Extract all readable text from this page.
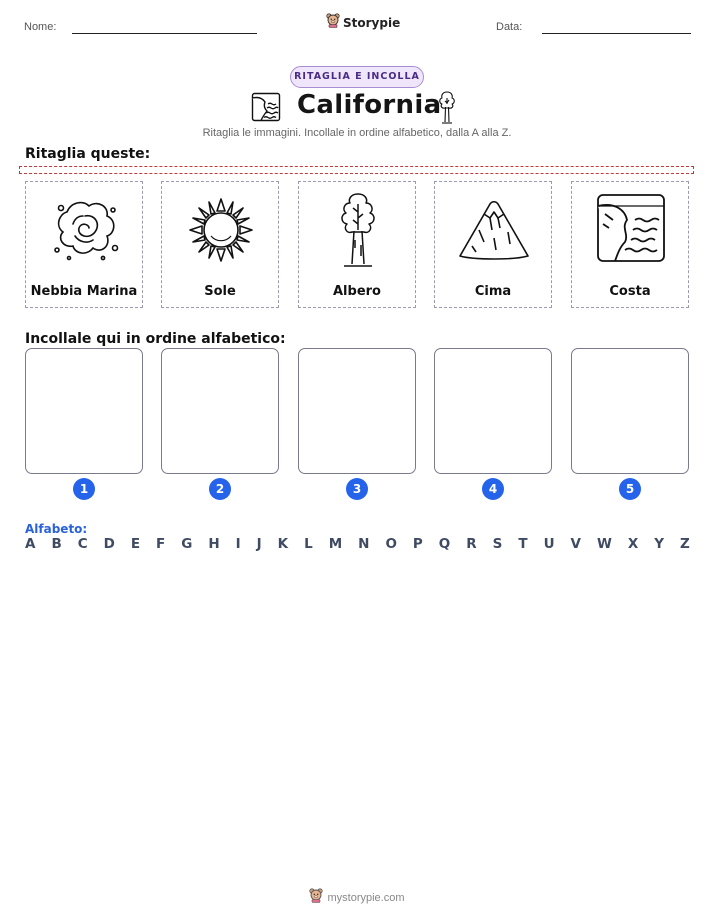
Nome:	Storypie	Data:
RITAGLIA E INCOLLA
California
Ritaglia le immagini. Incollale in ordine alfabetico, dalla A alla Z.
Ritaglia queste:
Nebbia Marina	Sole	Albero	Cima	Costa
Incollale qui in ordine alfabetico:
1	2	3	4	5
Alfabeto:
A B C D E F G H I J K L M N O P Q R S T U V W X Y Z
mystorypie.com
